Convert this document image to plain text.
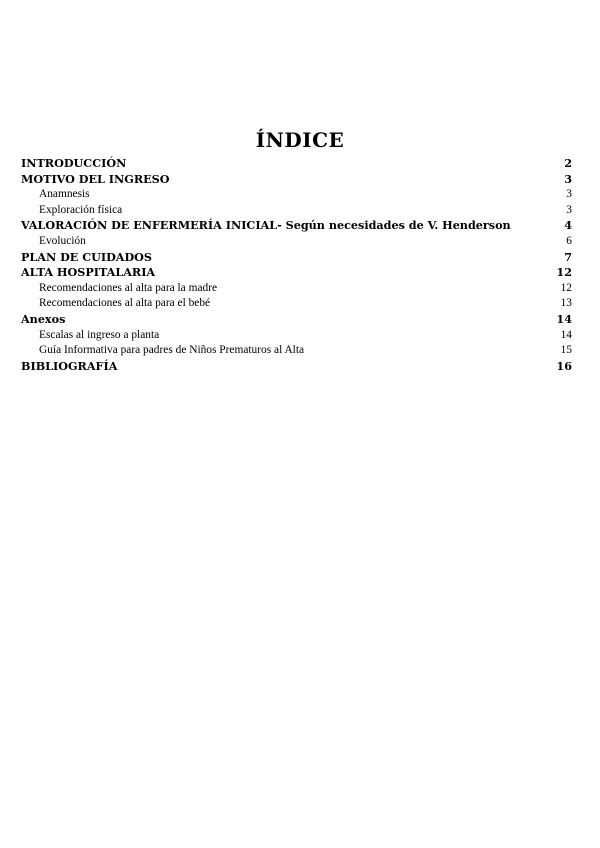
ÍNDICE
INTRODUCCIÓN	2
MOTIVO DEL INGRESO	3
Anamnesis	3
Exploración física	3
VALORACIÓN DE ENFERMERÍA INICIAL- Según necesidades de V. Henderson	4
Evolución	6
PLAN DE CUIDADOS	7
ALTA HOSPITALARIA	12
Recomendaciones al alta para la madre	12
Recomendaciones al alta para el bebé	13
Anexos	14
Escalas al ingreso a planta	14
Guía Informativa para padres de Niños Prematuros al Alta	15
BIBLIOGRAFÍA	16
